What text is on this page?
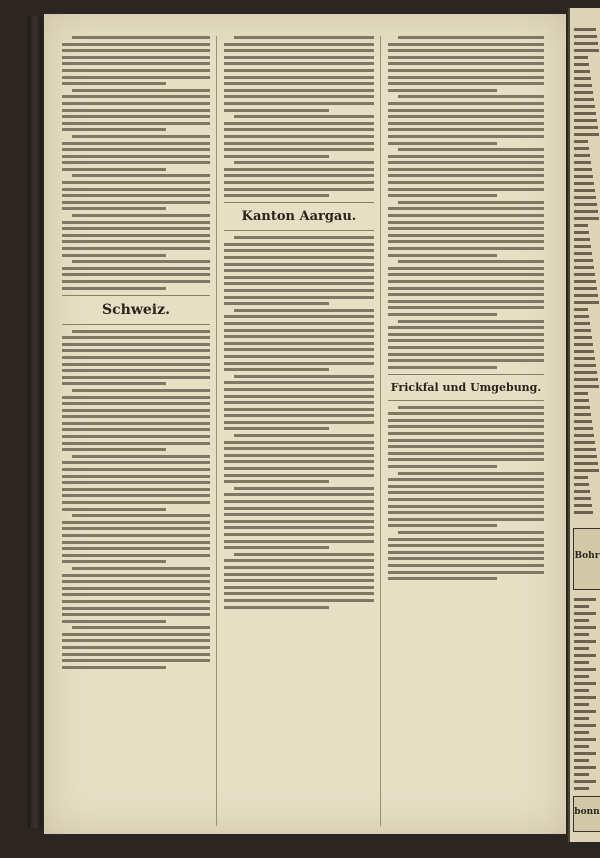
Schweiz.
Kanton Aargau.
Frickfal und Umgebung.
Bohr
bonn
